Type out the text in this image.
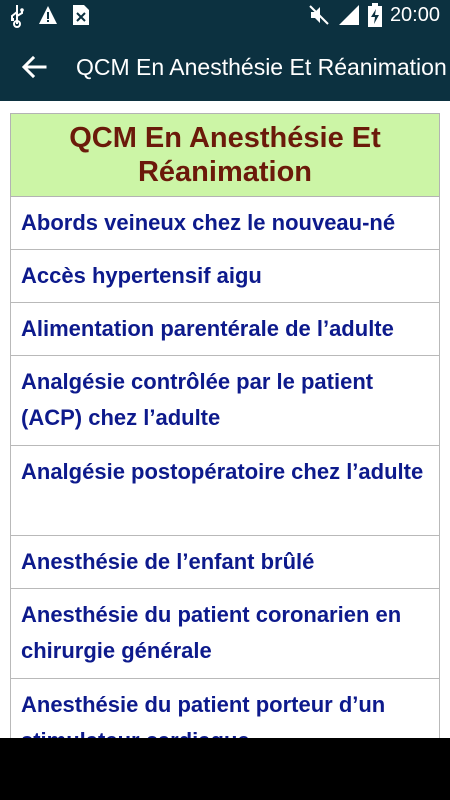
20:00
QCM En Anesthésie Et Réanimation
QCM En Anesthésie Et Réanimation
Abords veineux chez le nouveau-né
Accès hypertensif aigu
Alimentation parentérale de l’adulte
Analgésie contrôlée par le patient (ACP) chez l’adulte
Analgésie postopératoire chez l’adulte
Anesthésie de l’enfant brûlé
Anesthésie du patient coronarien en chirurgie générale
Anesthésie du patient porteur d’un
